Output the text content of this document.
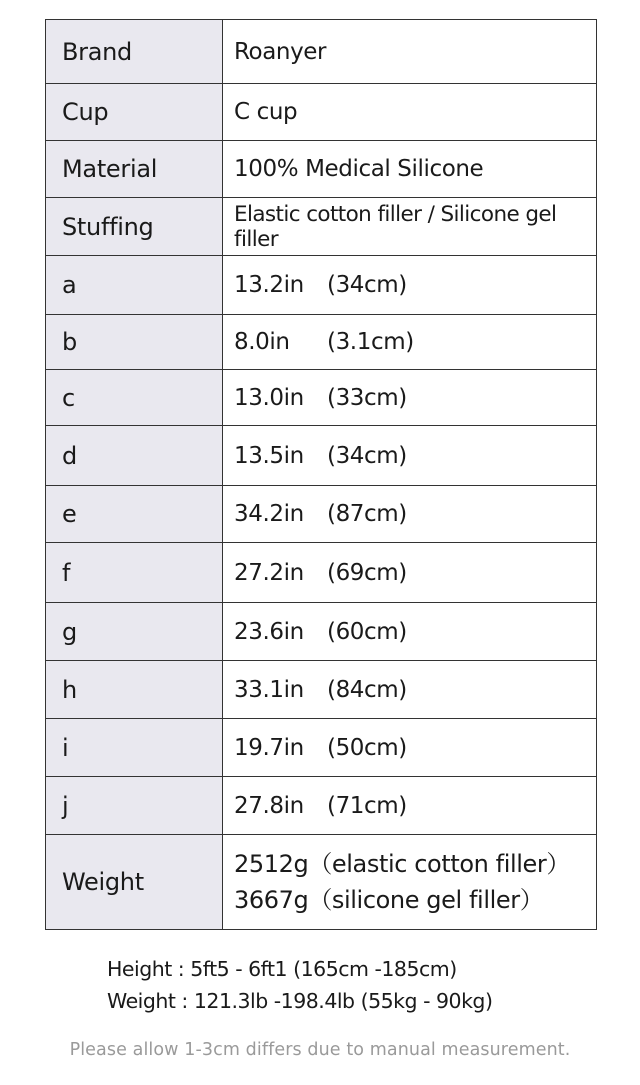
Brand	Roanyer
Cup	C cup
Material	100% Medical Silicone
Stuffing	Elastic cotton filler / Silicone gel filler
a	13.2in (34cm)
b	8.0in (3.1cm)
c	13.0in (33cm)
d	13.5in (34cm)
e	34.2in (87cm)
f	27.2in (69cm)
g	23.6in (60cm)
h	33.1in (84cm)
i	19.7in (50cm)
j	27.8in (71cm)
Weight	2512g（elastic cotton filler）
3667g（silicone gel filler）
Height : 5ft5 - 6ft1 (165cm -185cm)
Weight : 121.3lb -198.4lb (55kg - 90kg)
Please allow 1-3cm differs due to manual measurement.
